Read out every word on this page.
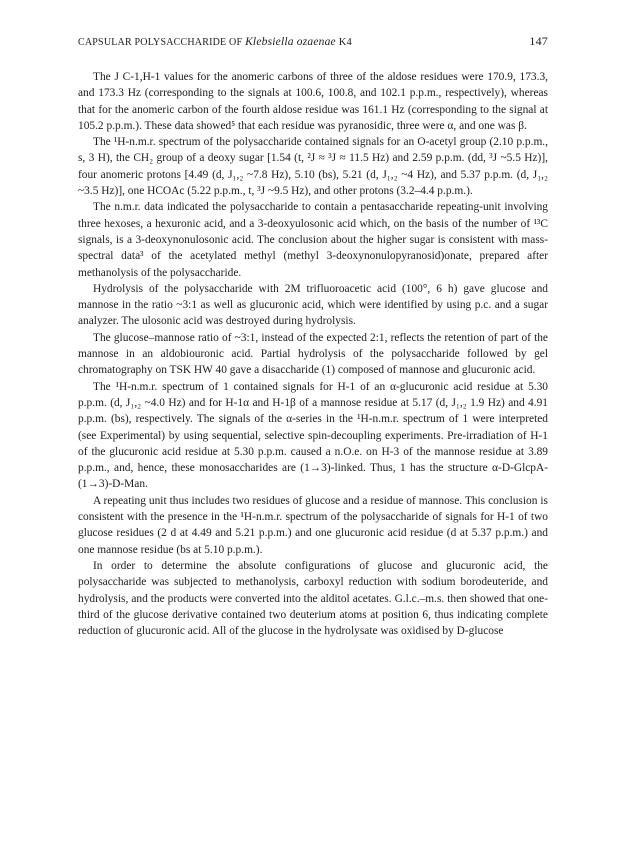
CAPSULAR POLYSACCHARIDE OF Klebsiella ozaenae K4	147

The J C-1,H-1 values for the anomeric carbons of three of the aldose residues were 170.9, 173.3, and 173.3 Hz (corresponding to the signals at 100.6, 100.8, and 102.1 p.p.m., respectively), whereas that for the anomeric carbon of the fourth aldose residue was 161.1 Hz (corresponding to the signal at 105.2 p.p.m.). These data showed⁵ that each residue was pyranosidic, three were α, and one was β.

The ¹H-n.m.r. spectrum of the polysaccharide contained signals for an O-acetyl group (2.10 p.p.m., s, 3 H), the CH₂ group of a deoxy sugar [1.54 (t, ²J ≈ ³J ≈ 11.5 Hz) and 2.59 p.p.m. (dd, ³J ~5.5 Hz)], four anomeric protons [4.49 (d, J₁,₂ ~7.8 Hz), 5.10 (bs), 5.21 (d, J₁,₂ ~4 Hz), and 5.37 p.p.m. (d, J₁,₂ ~3.5 Hz)], one HCOAc (5.22 p.p.m., t, ³J ~9.5 Hz), and other protons (3.2–4.4 p.p.m.).

The n.m.r. data indicated the polysaccharide to contain a pentasaccharide repeating-unit involving three hexoses, a hexuronic acid, and a 3-deoxyulosonic acid which, on the basis of the number of ¹³C signals, is a 3-deoxynonulosonic acid. The conclusion about the higher sugar is consistent with mass-spectral data³ of the acetylated methyl (methyl 3-deoxynonulopyranosid)onate, prepared after methanolysis of the polysaccharide.

Hydrolysis of the polysaccharide with 2M trifluoroacetic acid (100°, 6 h) gave glucose and mannose in the ratio ~3:1 as well as glucuronic acid, which were identified by using p.c. and a sugar analyzer. The ulosonic acid was destroyed during hydrolysis.

The glucose–mannose ratio of ~3:1, instead of the expected 2:1, reflects the retention of part of the mannose in an aldobiouronic acid. Partial hydrolysis of the polysaccharide followed by gel chromatography on TSK HW 40 gave a disaccharide (1) composed of mannose and glucuronic acid.

The ¹H-n.m.r. spectrum of 1 contained signals for H-1 of an α-glucuronic acid residue at 5.30 p.p.m. (d, J₁,₂ ~4.0 Hz) and for H-1α and H-1β of a mannose residue at 5.17 (d, J₁,₂ 1.9 Hz) and 4.91 p.p.m. (bs), respectively. The signals of the α-series in the ¹H-n.m.r. spectrum of 1 were interpreted (see Experimental) by using sequential, selective spin-decoupling experiments. Pre-irradiation of H-1 of the glucuronic acid residue at 5.30 p.p.m. caused a n.O.e. on H-3 of the mannose residue at 3.89 p.p.m., and, hence, these monosaccharides are (1→3)-linked. Thus, 1 has the structure α-D-GlcpA-(1→3)-D-Man.

A repeating unit thus includes two residues of glucose and a residue of mannose. This conclusion is consistent with the presence in the ¹H-n.m.r. spectrum of the polysaccharide of signals for H-1 of two glucose residues (2 d at 4.49 and 5.21 p.p.m.) and one glucuronic acid residue (d at 5.37 p.p.m.) and one mannose residue (bs at 5.10 p.p.m.).

In order to determine the absolute configurations of glucose and glucuronic acid, the polysaccharide was subjected to methanolysis, carboxyl reduction with sodium borodeuteride, and hydrolysis, and the products were converted into the alditol acetates. G.l.c.–m.s. then showed that one-third of the glucose derivative contained two deuterium atoms at position 6, thus indicating complete reduction of glucuronic acid. All of the glucose in the hydrolysate was oxidised by D-glucose
